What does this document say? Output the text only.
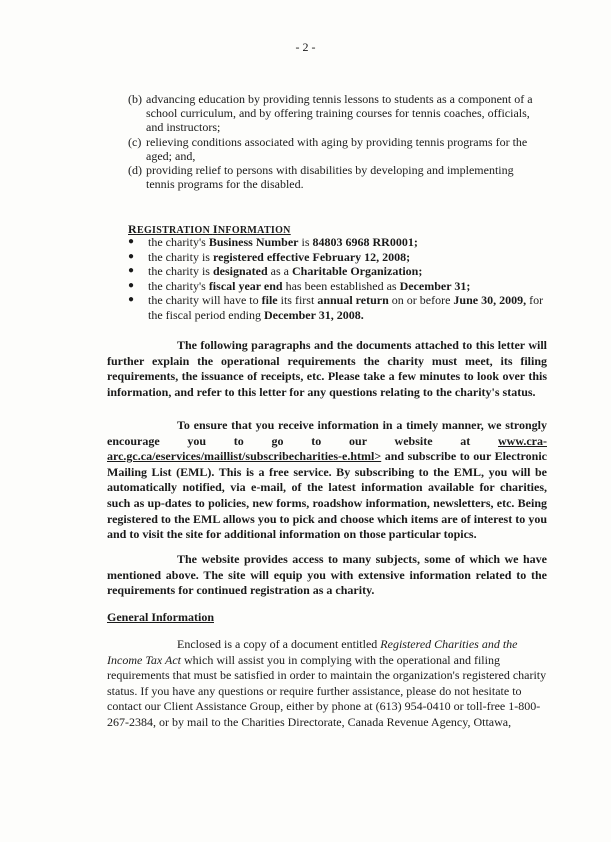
- 2 -
(b) advancing education by providing tennis lessons to students as a component of a school curriculum, and by offering training courses for tennis coaches, officials, and instructors;
(c) relieving conditions associated with aging by providing tennis programs for the aged; and,
(d) providing relief to persons with disabilities by developing and implementing tennis programs for the disabled.
REGISTRATION INFORMATION
●	the charity's Business Number is 84803 6968 RR0001;
●	the charity is registered effective February 12, 2008;
●	the charity is designated as a Charitable Organization;
●	the charity's fiscal year end has been established as December 31;
●	the charity will have to file its first annual return on or before June 30, 2009, for the fiscal period ending December 31, 2008.
The following paragraphs and the documents attached to this letter will further explain the operational requirements the charity must meet, its filing requirements, the issuance of receipts, etc. Please take a few minutes to look over this information, and refer to this letter for any questions relating to the charity's status.
To ensure that you receive information in a timely manner, we strongly encourage you to go to our website at www.cra-arc.gc.ca/eservices/maillist/subscribecharities-e.html> and subscribe to our Electronic Mailing List (EML). This is a free service. By subscribing to the EML, you will be automatically notified, via e-mail, of the latest information available for charities, such as up-dates to policies, new forms, roadshow information, newsletters, etc. Being registered to the EML allows you to pick and choose which items are of interest to you and to visit the site for additional information on those particular topics.
The website provides access to many subjects, some of which we have mentioned above. The site will equip you with extensive information related to the requirements for continued registration as a charity.
General Information
Enclosed is a copy of a document entitled Registered Charities and the Income Tax Act which will assist you in complying with the operational and filing requirements that must be satisfied in order to maintain the organization's registered charity status. If you have any questions or require further assistance, please do not hesitate to contact our Client Assistance Group, either by phone at (613) 954-0410 or toll-free 1-800-267-2384, or by mail to the Charities Directorate, Canada Revenue Agency, Ottawa,
